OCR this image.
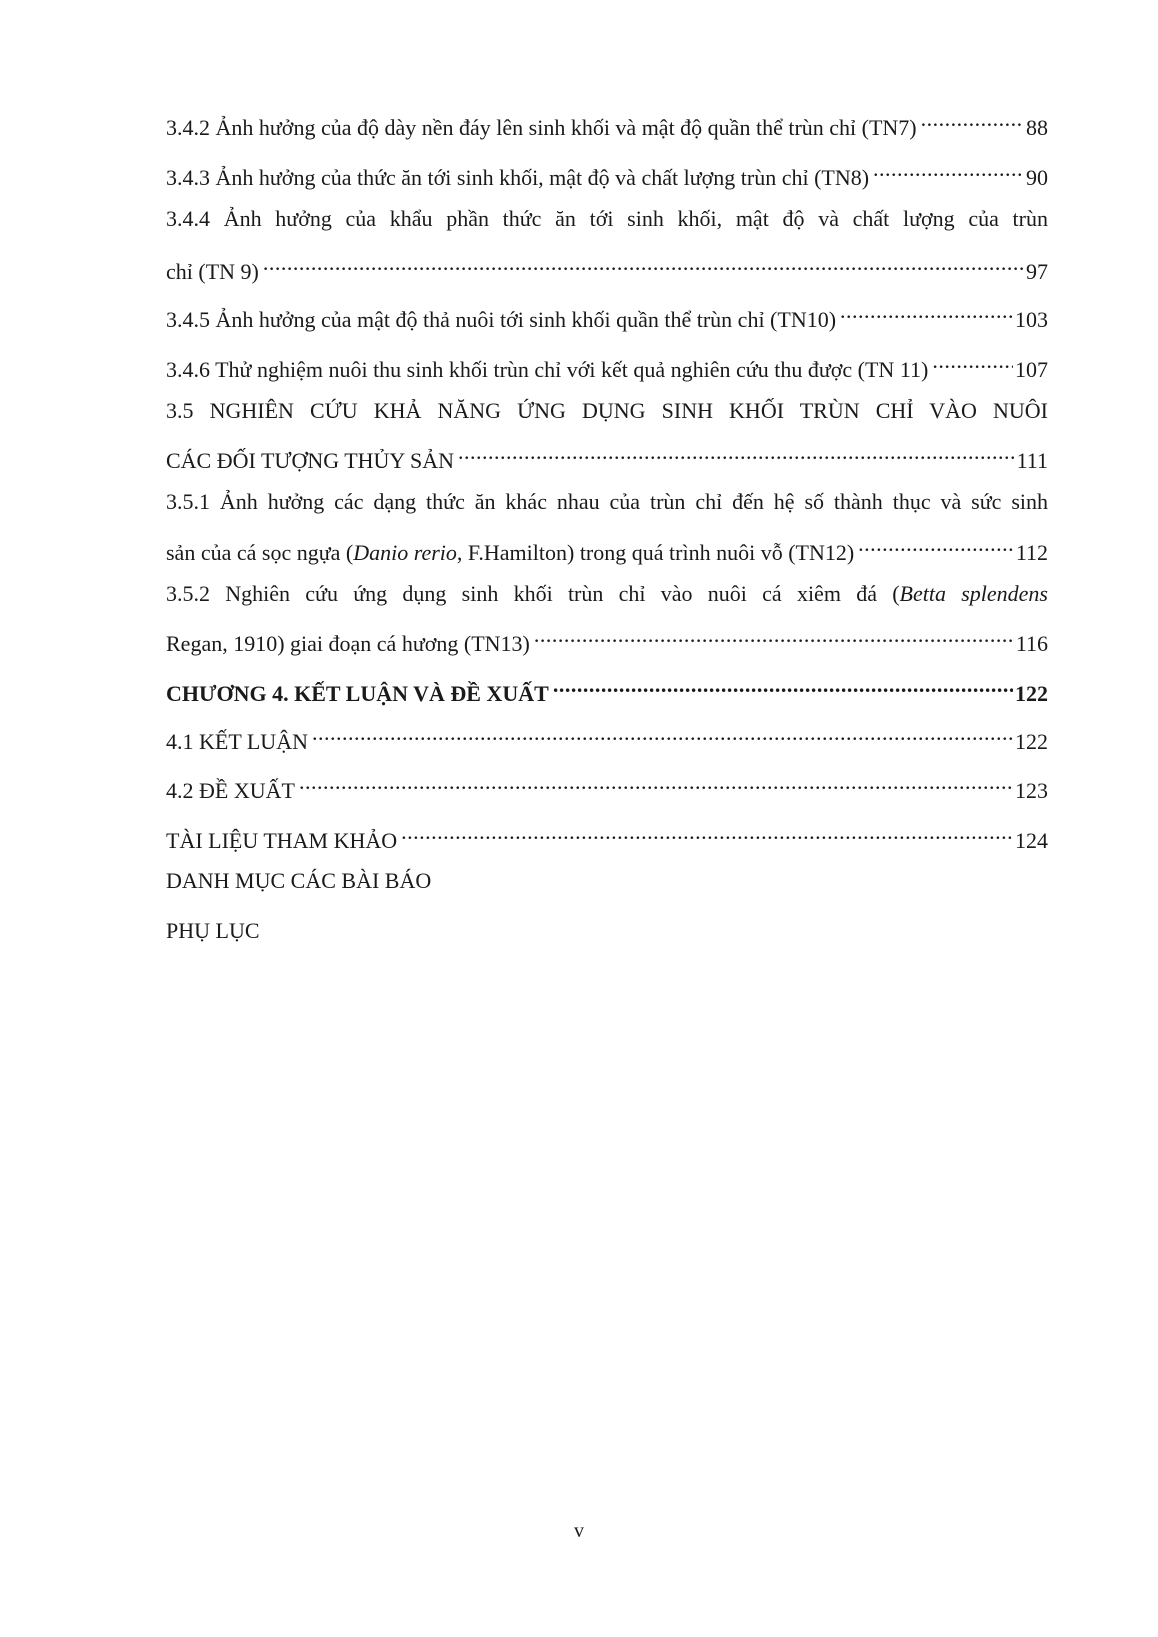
3.4.2 Ảnh hưởng của độ dày nền đáy lên sinh khối và mật độ quần thể trùn chỉ (TN7) .....	88
3.4.3 Ảnh hưởng của thức ăn tới sinh khối, mật độ và chất lượng trùn chỉ (TN8) .....	90
3.4.4 Ảnh hưởng của khẩu phần thức ăn tới sinh khối, mật độ và chất lượng của trùn
chỉ (TN 9) .....	97
3.4.5 Ảnh hưởng của mật độ thả nuôi tới sinh khối quần thể trùn chỉ (TN10) .....	103
3.4.6 Thử nghiệm nuôi thu sinh khối trùn chỉ với kết quả nghiên cứu thu được (TN 11) .....	107
3.5 NGHIÊN CỨU KHẢ NĂNG ỨNG DỤNG SINH KHỐI TRÙN CHỈ VÀO NUÔI
CÁC ĐỐI TƯỢNG THỦY SẢN .....	111
3.5.1 Ảnh hưởng các dạng thức ăn khác nhau của trùn chỉ đến hệ số thành thục và sức sinh
sản của cá sọc ngựa (Danio rerio, F.Hamilton) trong quá trình nuôi vỗ (TN12) .....	112
3.5.2 Nghiên cứu ứng dụng sinh khối trùn chỉ vào nuôi cá xiêm đá (Betta splendens
Regan, 1910) giai đoạn cá hương (TN13) .....	116
CHƯƠNG 4. KẾT LUẬN VÀ ĐỀ XUẤT .....	122
4.1 KẾT LUẬN .....	122
4.2 ĐỀ XUẤT .....	123
TÀI LIỆU THAM KHẢO .....	124
DANH MỤC CÁC BÀI BÁO
PHỤ LỤC
v
